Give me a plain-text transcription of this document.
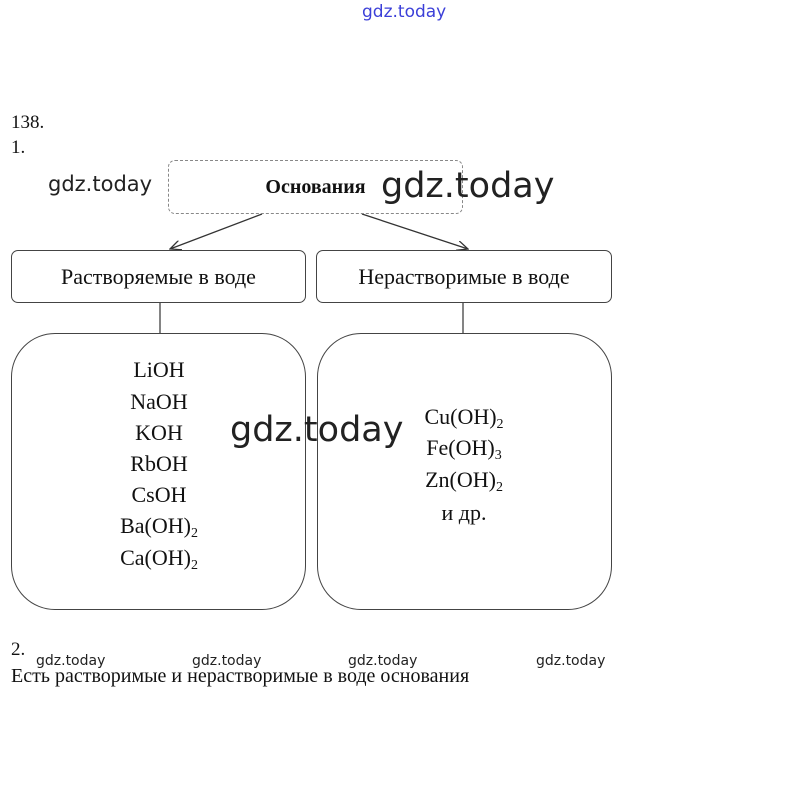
gdz.today
gdz.today
138.
1.
Основания gdz.today
Растворяемые в воде	Нерастворимые в воде
LiOH
NaOH
KOH
RbOH
CsOH
$Ba(OH)_2$
$Ca(OH)_2$
$Cu(OH)_2$
$Fe(OH)_3$
$Zn(OH)_2$
и др.
gdz.today
2.
gdz.today	gdz.today	gdz.today	gdz.today
Есть растворимые и нерастворимые в воде основания
